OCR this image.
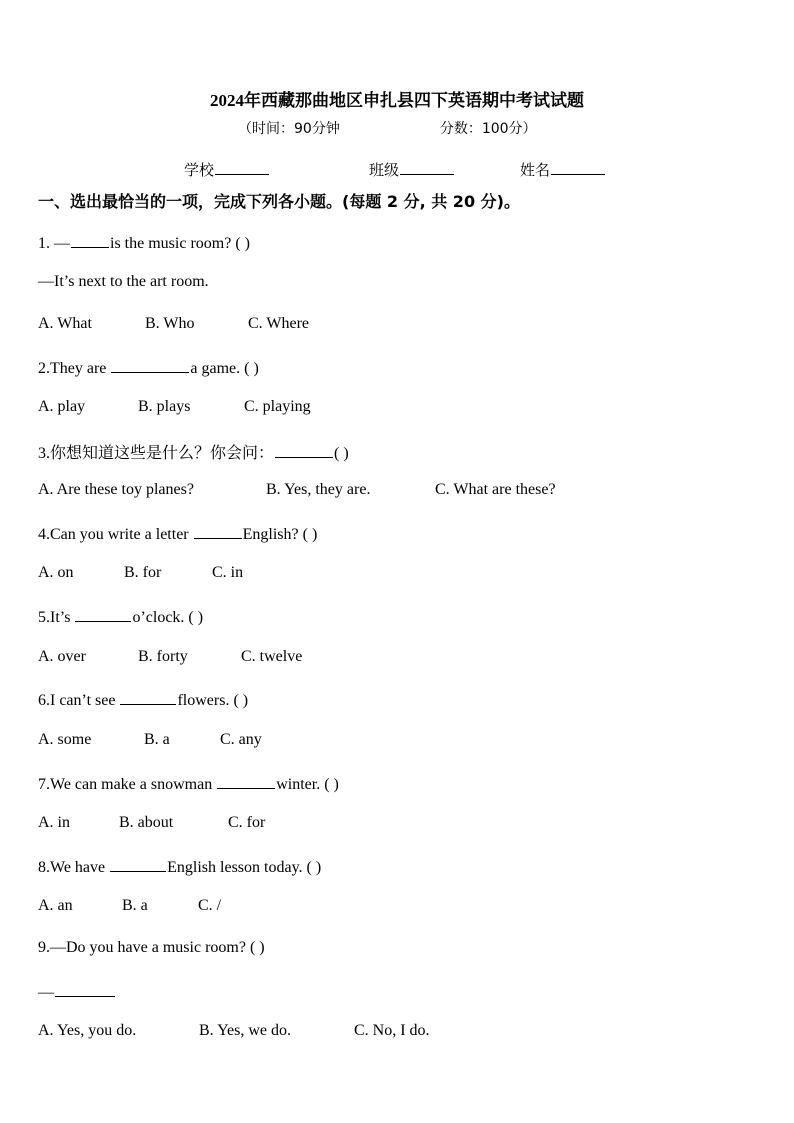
2024年西藏那曲地区申扎县四下英语期中考试试题
（时间：90分钟	分数：100分）
学校	班级	姓名
一、选出最恰当的一项，完成下列各小题。(每题 2 分, 共 20 分)。
1. —	is the music room? ( )
—It’s next to the art room.
A. What	B. Who	C. Where
2.They are	a game. ( )
A. play	B. plays	C. playing
3.你想知道这些是什么？你会问：	( )
A. Are these toy planes?	B. Yes, they are.	C. What are these?
4.Can you write a letter	English? ( )
A. on	B. for	C. in
5.It’s	o’clock. ( )
A. over	B. forty	C. twelve
6.I can’t see	flowers. ( )
A. some	B. a	C. any
7.We can make a snowman	winter. ( )
A. in	B. about	C. for
8.We have	English lesson today. ( )
A. an	B. a	C. /
9.—Do you have a music room? ( )
—
A. Yes, you do.	B. Yes, we do.	C. No, I do.
